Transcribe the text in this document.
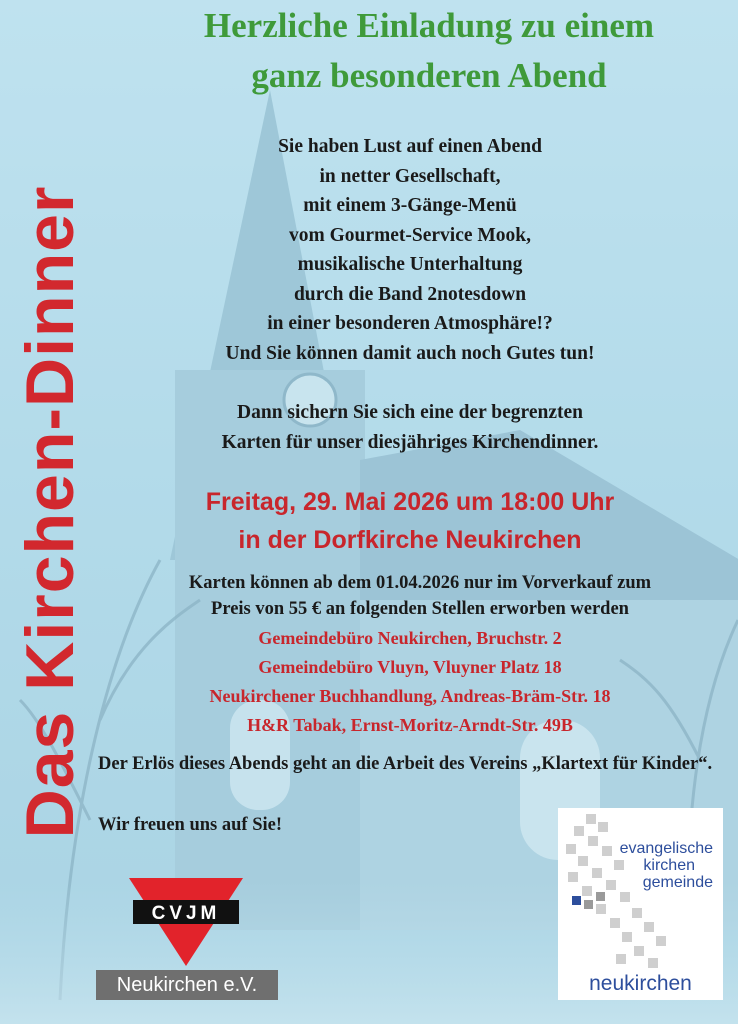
Das Kirchen-Dinner
Herzliche Einladung zu einem
ganz besonderen Abend
Sie haben Lust auf einen Abend
in netter Gesellschaft,
mit einem 3-Gänge-Menü
vom Gourmet-Service Mook,
musikalische Unterhaltung
durch die Band 2notesdown
in einer besonderen Atmosphäre!?
Und Sie können damit auch noch Gutes tun!
Dann sichern Sie sich eine der begrenzten
Karten für unser diesjähriges Kirchendinner.
Freitag, 29. Mai 2026 um 18:00 Uhr
in der Dorfkirche Neukirchen
Karten können ab dem 01.04.2026 nur im Vorverkauf zum
Preis von 55 € an folgenden Stellen erworben werden
Gemeindebüro Neukirchen, Bruchstr. 2
Gemeindebüro Vluyn, Vluyner Platz 18
Neukirchener Buchhandlung, Andreas-Bräm-Str. 18
H&R Tabak, Ernst-Moritz-Arndt-Str. 49B
Der Erlös dieses Abends geht an die Arbeit des Vereins „Klartext für Kinder“.
Wir freuen uns auf Sie!
CVJM
Neukirchen e.V.
evangelische
kirchen
gemeinde
neukirchen
